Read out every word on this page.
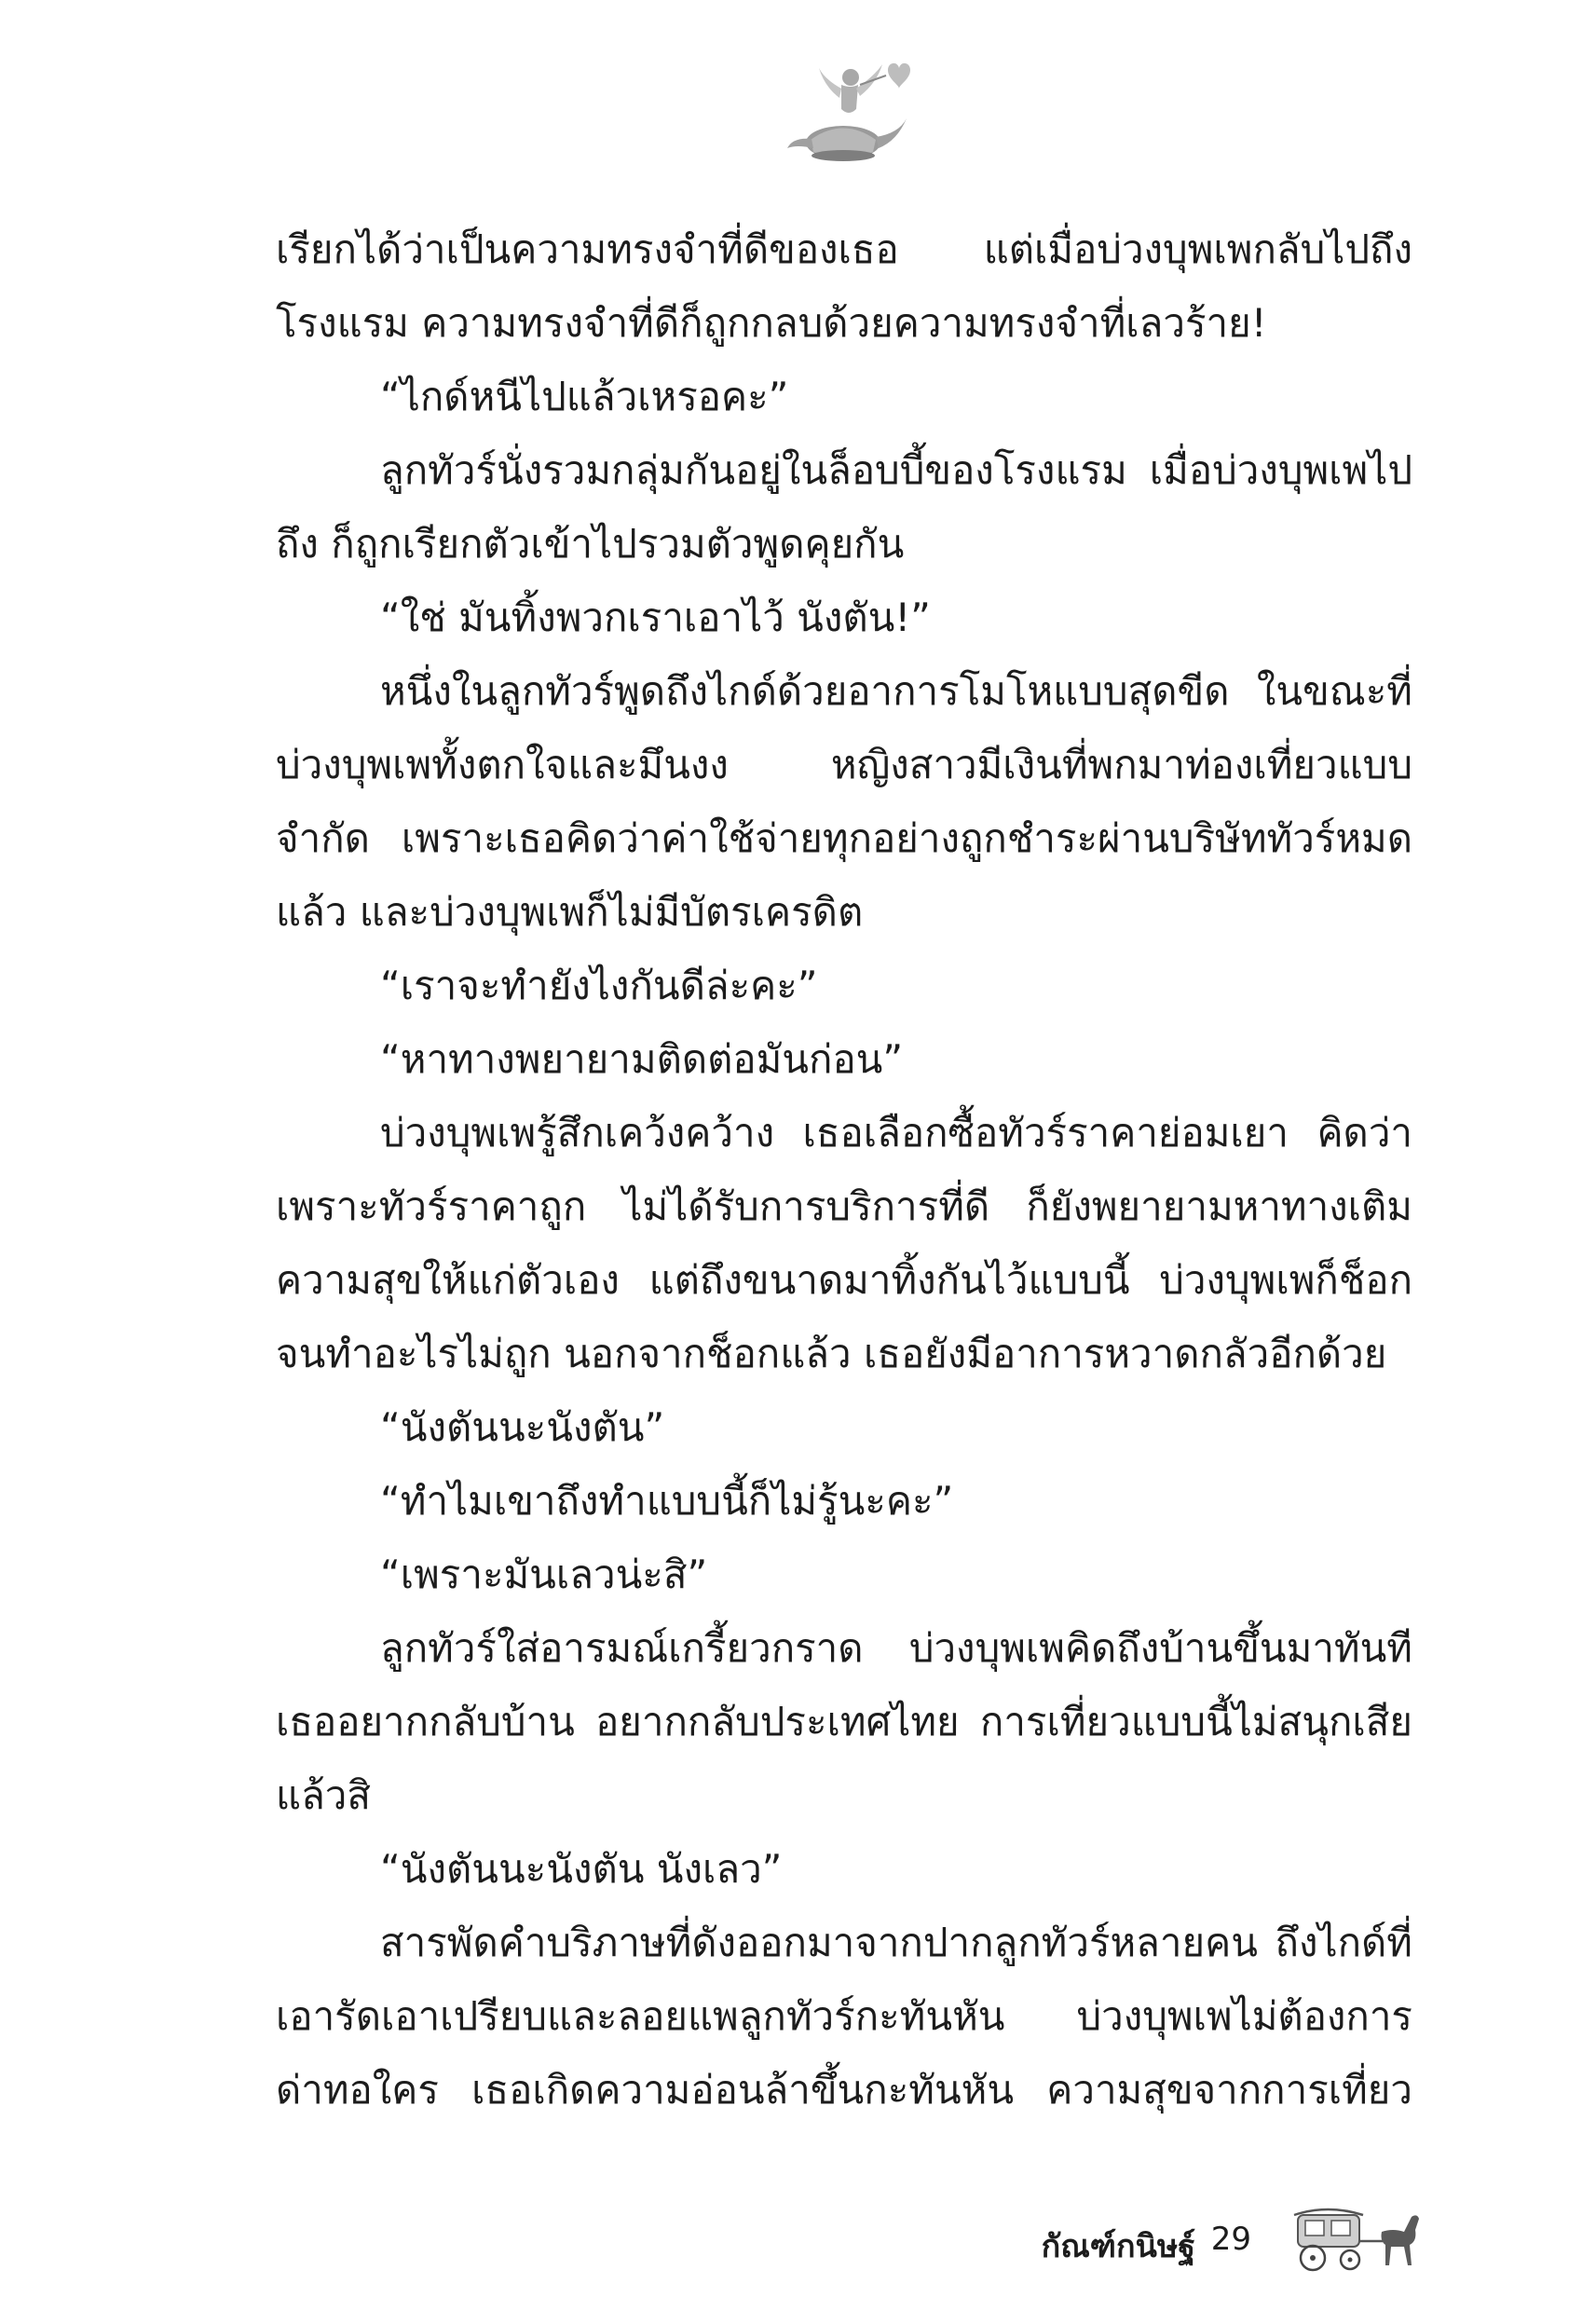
เรียกได้ว่าเป็นความทรงจำที่ดีของเธอ แต่เมื่อบ่วงบุพเพกลับไปถึงโรงแรม ความทรงจำที่ดีก็ถูกกลบด้วยความทรงจำที่เลวร้าย!

“ไกด์หนีไปแล้วเหรอคะ”

ลูกทัวร์นั่งรวมกลุ่มกันอยู่ในล็อบบี้ของโรงแรม เมื่อบ่วงบุพเพไปถึง ก็ถูกเรียกตัวเข้าไปรวมตัวพูดคุยกัน

“ใช่ มันทิ้งพวกเราเอาไว้ นังตัน!”

หนึ่งในลูกทัวร์พูดถึงไกด์ด้วยอาการโมโหแบบสุดขีด ในขณะที่บ่วงบุพเพทั้งตกใจและมึนงง หญิงสาวมีเงินที่พกมาท่องเที่ยวแบบจำกัด เพราะเธอคิดว่าค่าใช้จ่ายทุกอย่างถูกชำระผ่านบริษัททัวร์หมดแล้ว และบ่วงบุพเพก็ไม่มีบัตรเครดิต

“เราจะทำยังไงกันดีล่ะคะ”

“หาทางพยายามติดต่อมันก่อน”

บ่วงบุพเพรู้สึกเคว้งคว้าง เธอเลือกซื้อทัวร์ราคาย่อมเยา คิดว่าเพราะทัวร์ราคาถูก ไม่ได้รับการบริการที่ดี ก็ยังพยายามหาทางเติมความสุขให้แก่ตัวเอง แต่ถึงขนาดมาทิ้งกันไว้แบบนี้ บ่วงบุพเพก็ช็อกจนทำอะไรไม่ถูก นอกจากช็อกแล้ว เธอยังมีอาการหวาดกลัวอีกด้วย

“นังตันนะนังตัน”

“ทำไมเขาถึงทำแบบนี้ก็ไม่รู้นะคะ”

“เพราะมันเลวน่ะสิ”

ลูกทัวร์ใส่อารมณ์เกรี้ยวกราด บ่วงบุพเพคิดถึงบ้านขึ้นมาทันทีเธออยากกลับบ้าน อยากกลับประเทศไทย การเที่ยวแบบนี้ไม่สนุกเสียแล้วสิ

“นังตันนะนังตัน นังเลว”

สารพัดคำบริภาษที่ดังออกมาจากปากลูกทัวร์หลายคน ถึงไกด์ที่เอารัดเอาเปรียบและลอยแพลูกทัวร์กะทันหัน บ่วงบุพเพไม่ต้องการด่าทอใคร เธอเกิดความอ่อนล้าขึ้นกะทันหัน ความสุขจากการเที่ยว

กัณฑ์กนิษฐ์ 29
